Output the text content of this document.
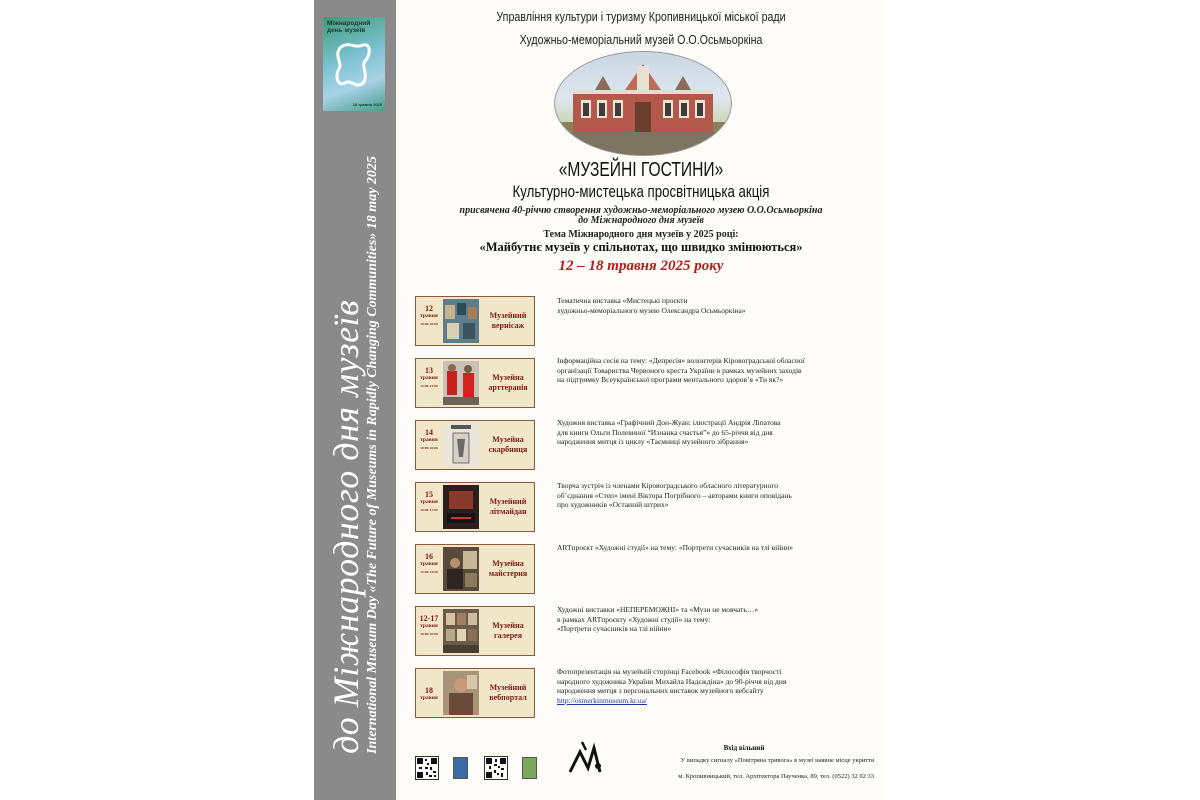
Міжнародний
день музеїв
18 травня 2025
до Міжнародного дня музеїв International Museum Day «The Future of Museums in Rapidly Changing Communities» 18 may 2025
Управління культури і туризму Кропивницької міської ради
Художньо-меморіальний музей О.О.Осьмьоркіна
«МУЗЕЙНІ ГОСТИНИ»
Культурно-мистецька просвітницька акція
присвячена 40-річчю створення художньо-меморіального музею О.О.Осьмьоркіна
до Міжнародного дня музеїв
Тема Міжнародного дня музеїв у 2025 році:
«Майбутнє музеїв у спільнотах, що швидко змінюються»
12 – 18 травня 2025 року
12
травня
10:00-16:00
Музейний
вернісаж
Тематична виставка «Мистецькі проєкти
художньо-меморіального музею Олександра Осьмьоркіна»
13
травня
12:00-13:00
Музейна
арттерапія
Інформаційна сесія на тему: «Депресія» волонтерів Кіровоградської обласної
організації Товариства Червоного хреста України в рамках музейних заходів
на підтримку Всеукраїнської програми ментального здоров’я «Ти як?»
14
травня
10:00-16:00
Музейна
скарбниця
Художня виставка «Графічний Дон-Жуан: ілюстрації Андрія Ліпатова
для книги Ольги Полевиної “Изнанка счастья”» до 65-річчя від дня
народження митця із циклу «Таємниці музейного зібрання»
15
травня
16:00-17:00
Музейний
літмайдан
Творча зустріч із членами Кіровоградського обласного літературного
об’єднання «Степ» імені Віктора Погрібного – авторами книги оповідань
про художників «Останній штрих»
16
травня
12:00-14:00
Музейна
майстерня
ARTпроєкт «Художні студії» на тему: «Портрети сучасників на тлі війни»
12-17
травня
10:00-16:00
Музейна
галерея
Художні виставки «НЕПЕРЕМОЖНІ» та «Музи не мовчать…»
в рамках ARTпроєкту «Художні студії» на тему:
«Портрети сучасників на тлі війни»
18
травня
Музейний
вебпортал
Фотопрезентація на музейній сторінці Facebook «Філософія творчості
народного художника України Михайла Надєждіна» до 90-річчя від дня
народження митця з персональних виставок музейного вебсайту
http://osmerkinmuseum.kr.ua/
Вхід вільний
У випадку сигналу «Повітряна тривога» в музеї наявне місце укриття
м. Кропивницький, тел. Архітектора Паученка, 89, тел. (0522) 32 02 33
